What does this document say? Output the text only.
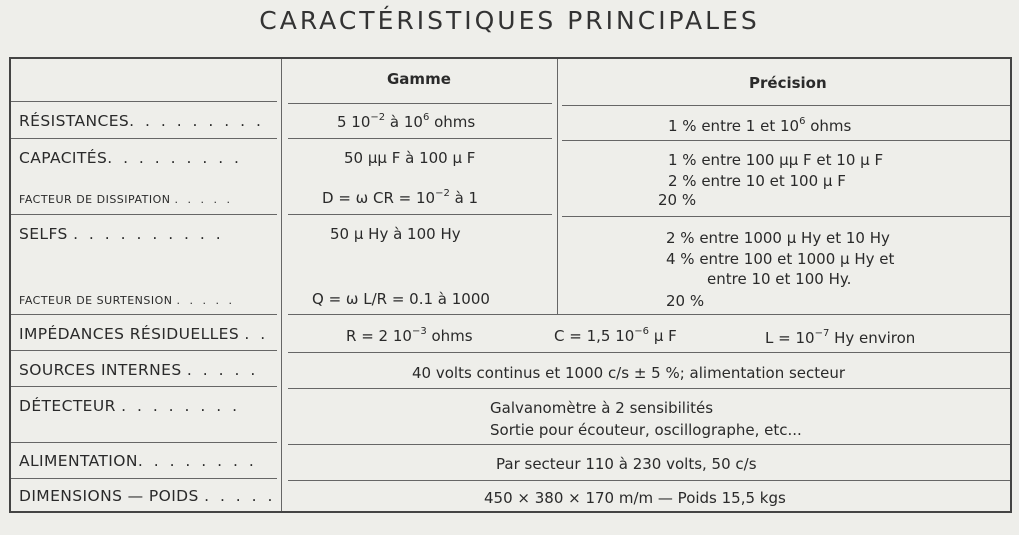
CARACTÉRISTIQUES PRINCIPALES
Gamme	Précision
RÉSISTANCES. . . . . . . . .	5 $10^{-2}$ à $10^6$ ohms	1 % entre 1 et $10^6$ ohms
CAPACITÉS. . . . . . . . .	50 μμ F à 100 μ F	1 % entre 100 μμ F et 10 μ F
2 % entre 10 et 100 μ F
FACTEUR DE DISSIPATION . . . . .	D = ω CR = $10^{-2}$ à 1	20 %
SELFS . . . . . . . . . .	50 μ Hy à 100 Hy	2 % entre 1000 μ Hy et 10 Hy
4 % entre 100 et 1000 μ Hy et
entre 10 et 100 Hy.
FACTEUR DE SURTENSION . . . . .	Q = ω L/R = 0.1 à 1000	20 %
IMPÉDANCES RÉSIDUELLES . .	R = 2 $10^{-3}$ ohms	C = 1,5 $10^{-6}$ μ F	$L = 10^{-7}$ Hy environ
SOURCES INTERNES . . . . .	40 volts continus et 1000 c/s ± 5 %; alimentation secteur
DÉTECTEUR . . . . . . . .	Galvanomètre à 2 sensibilités
Sortie pour écouteur, oscillographe, etc...
ALIMENTATION. . . . . . . .	Par secteur 110 à 230 volts, 50 c/s
DIMENSIONS — POIDS . . . . .	450 × 380 × 170 m/m — Poids 15,5 kgs
